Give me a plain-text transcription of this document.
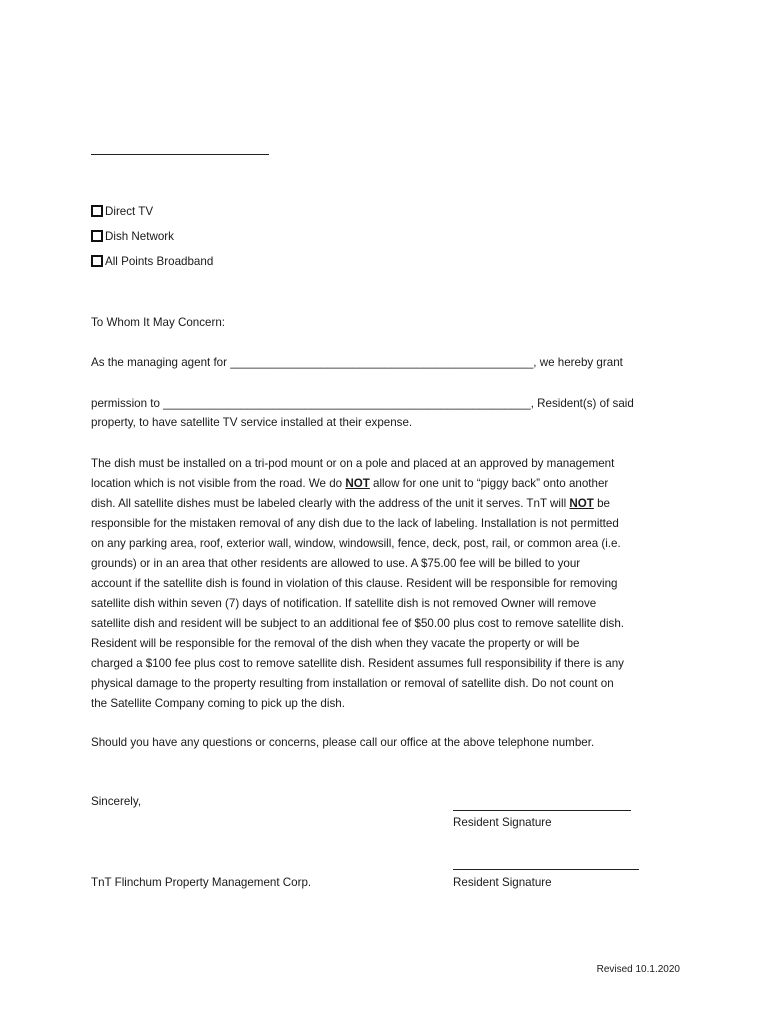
Direct TV
Dish Network
All Points Broadband
To Whom It May Concern:
As the managing agent for _______________________________________________, we hereby grant
permission to _________________________________________________________, Resident(s) of said
property, to have satellite TV service installed at their expense.
The dish must be installed on a tri-pod mount or on a pole and placed at an approved by management
location which is not visible from the road. We do NOT allow for one unit to “piggy back” onto another
dish. All satellite dishes must be labeled clearly with the address of the unit it serves. TnT will NOT be
responsible for the mistaken removal of any dish due to the lack of labeling. Installation is not permitted
on any parking area, roof, exterior wall, window, windowsill, fence, deck, post, rail, or common area (i.e.
grounds) or in an area that other residents are allowed to use. A $75.00 fee will be billed to your
account if the satellite dish is found in violation of this clause. Resident will be responsible for removing
satellite dish within seven (7) days of notification. If satellite dish is not removed Owner will remove
satellite dish and resident will be subject to an additional fee of $50.00 plus cost to remove satellite dish.
Resident will be responsible for the removal of the dish when they vacate the property or will be
charged a $100 fee plus cost to remove satellite dish. Resident assumes full responsibility if there is any
physical damage to the property resulting from installation or removal of satellite dish. Do not count on
the Satellite Company coming to pick up the dish.
Should you have any questions or concerns, please call our office at the above telephone number.
Sincerely,
Resident Signature
Resident Signature
TnT Flinchum Property Management Corp.
Revised 10.1.2020
